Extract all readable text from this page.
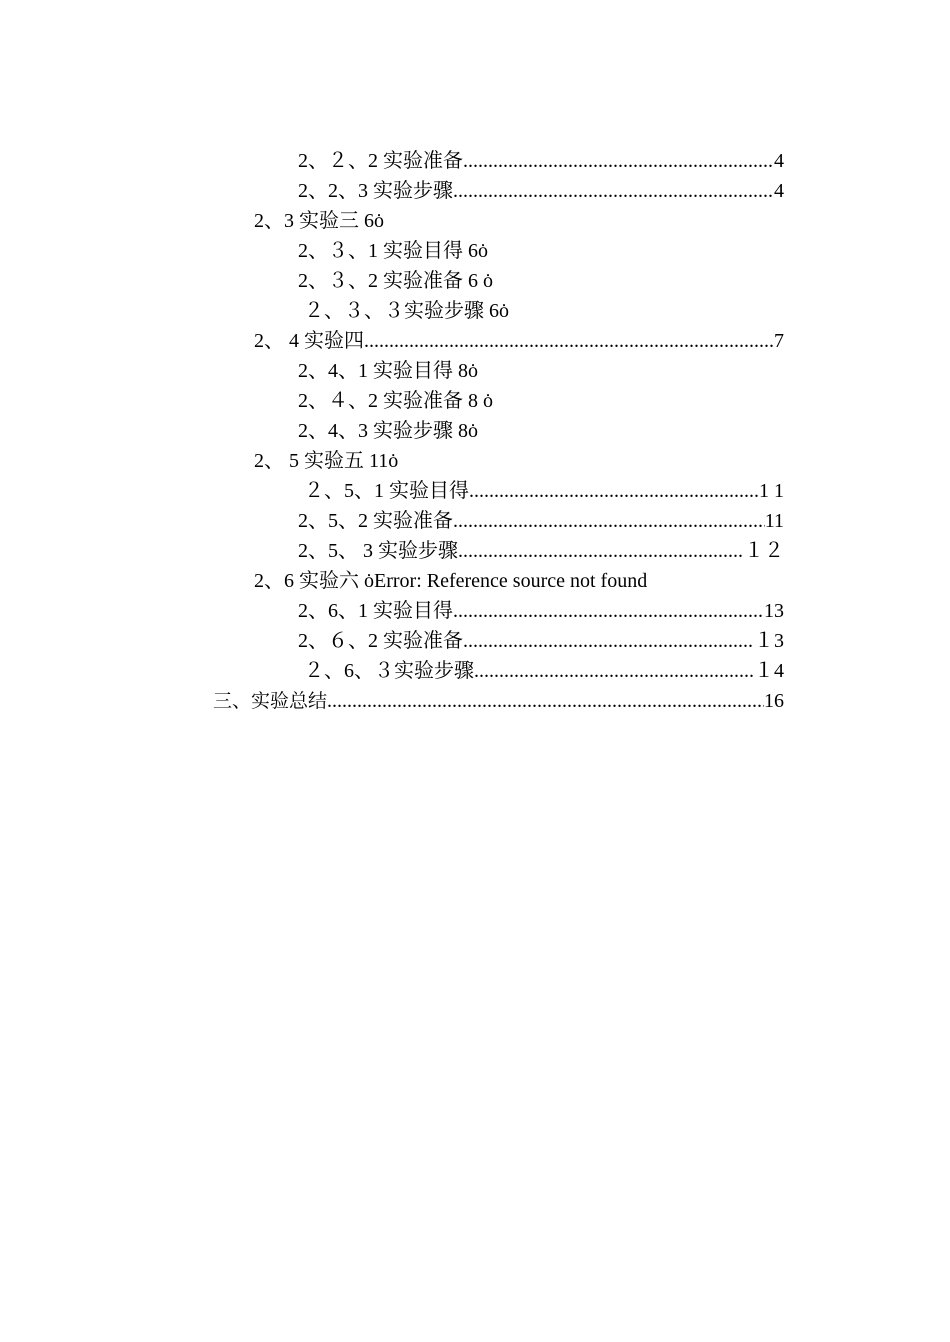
2、２、2 实验准备 .....	4
2、2、3 实验步骤 .....	4
2、3 实验三 6ȯ
2、３、1 实验目得 6ȯ
2、３、2 实验准备 6 ȯ
２、３、３实验步骤 6ȯ
2、 4 实验四 .....	7
2、4、1 实验目得 8ȯ
2、４、2 实验准备 8 ȯ
2、4、3 实验步骤 8ȯ
2、 5 实验五 11ȯ
２、5、1 实验目得 .....	1 1
2、5、2 实验准备 .....	11
2、5、 3 实验步骤 .....	１２
2、6 实验六 ȯError: Reference source not found
2、6、1 实验目得 .....	13
2、６、2 实验准备 .....	１3
２、6、３实验步骤 .....	１4
三、实验总结 .....	16
